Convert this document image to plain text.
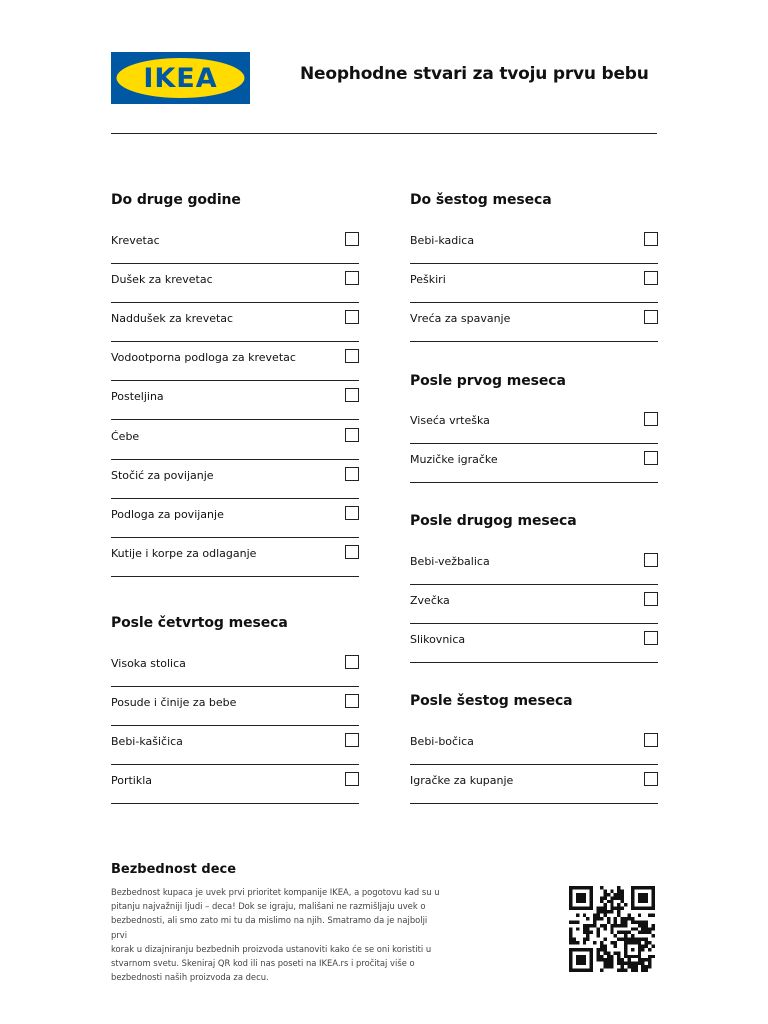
IKEA	®	Neophodne stvari za tvoju prvu bebu
Do druge godine
Krevetac
Dušek za krevetac
Naddušek za krevetac
Vodootporna podloga za krevetac
Posteljina
Ćebe
Stočić za povijanje
Podloga za povijanje
Kutije i korpe za odlaganje
Posle četvrtog meseca
Visoka stolica
Posude i činije za bebe
Bebi-kašičica
Portikla
Do šestog meseca
Bebi-kadica
Peškiri
Vreća za spavanje
Posle prvog meseca
Viseća vrteška
Muzičke igračke
Posle drugog meseca
Bebi-vežbalica
Zvečka
Slikovnica
Posle šestog meseca
Bebi-bočica
Igračke za kupanje
Bezbednost dece
Bezbednost kupaca je uvek prvi prioritet kompanije IKEA, a pogotovu kad su u
pitanju najvažniji ljudi – deca! Dok se igraju, mališani ne razmišljaju uvek o
bezbednosti, ali smo zato mi tu da mislimo na njih. Smatramo da je najbolji prvi
korak u dizajniranju bezbednih proizvoda ustanoviti kako će se oni koristiti u
stvarnom svetu. Skeniraj QR kod ili nas poseti na IKEA.rs i pročitaj više o
bezbednosti naših proizvoda za decu.
